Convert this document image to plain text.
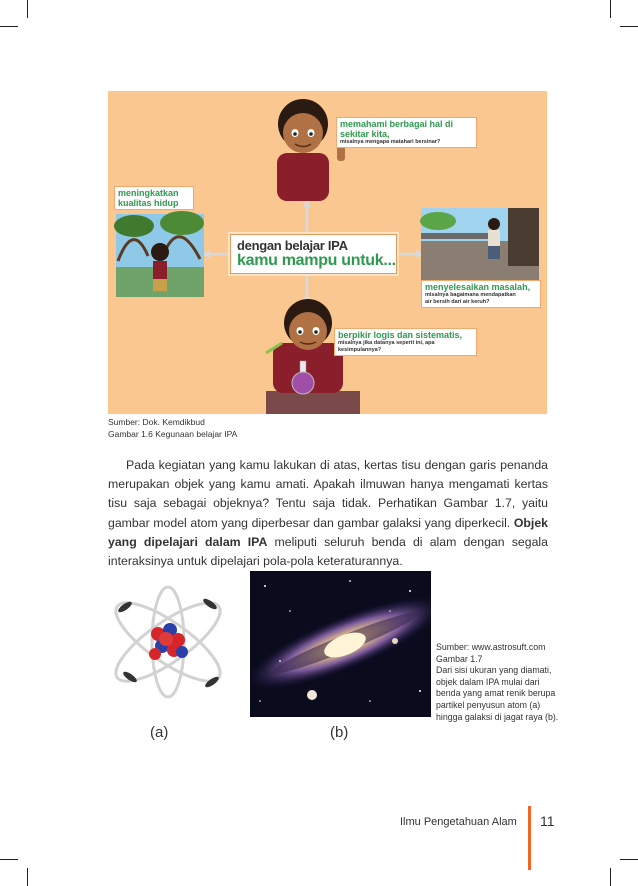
memahami berbagai hal di sekitar kita,
misalnya mengapa matahari bersinar?
meningkatkan
kualitas hidup
menyelesaikan masalah,
misalnya bagaimana mendapatkan
air bersih dari air keruh?
berpikir logis dan sistematis,
misalnya jika datanya seperti ini, apa kesimpulannya?
dengan belajar IPA
kamu mampu untuk...
Sumber: Dok. Kemdikbud
Gambar 1.6 Kegunaan belajar IPA

Pada kegiatan yang kamu lakukan di atas, kertas tisu dengan garis penanda merupakan objek yang kamu amati. Apakah ilmuwan hanya mengamati kertas tisu saja sebagai objeknya? Tentu saja tidak. Perhatikan Gambar 1.7, yaitu gambar model atom yang diperbesar dan gambar galaksi yang diperkecil. Objek yang dipelajari dalam IPA meliputi seluruh benda di alam dengan segala interaksinya untuk dipelajari pola-pola keteraturannya.

Sumber: www.astrosuft.com
Gambar 1.7
Dari sisi ukuran yang diamati,
objek dalam IPA mulai dari
benda yang amat renik berupa
partikel penyusun atom (a)
hingga galaksi di jagat raya (b).
(a)	(b)
Ilmu Pengetahuan Alam 11
